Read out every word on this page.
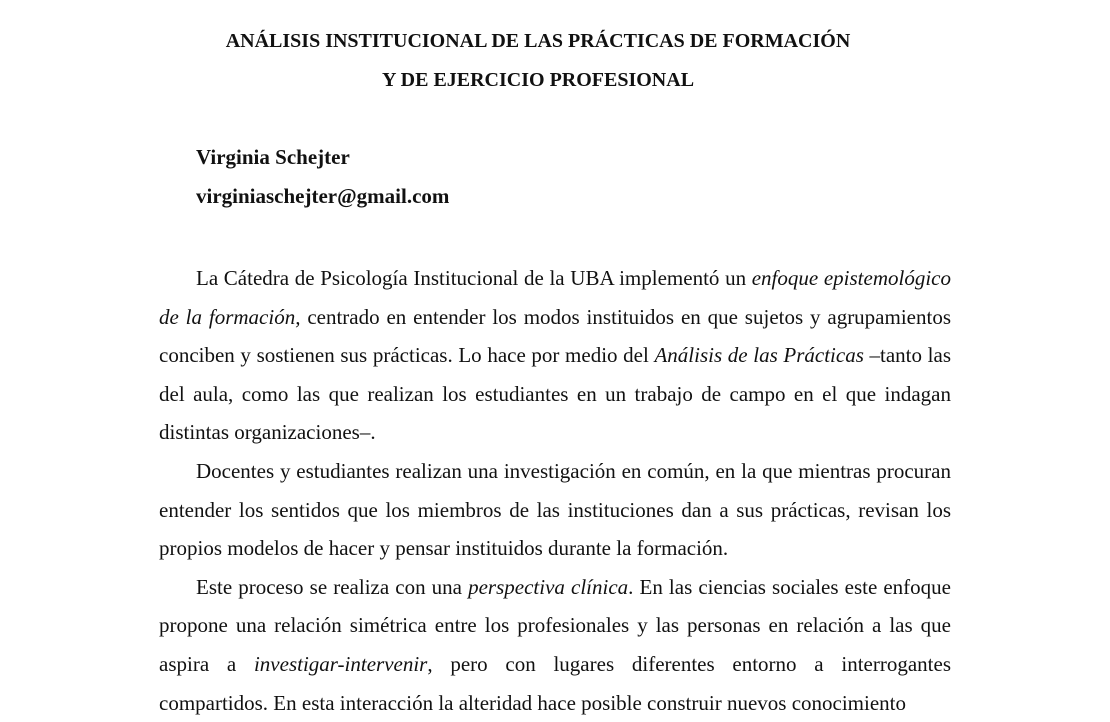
ANÁLISIS INSTITUCIONAL DE LAS PRÁCTICAS DE FORMACIÓN
Y DE EJERCICIO PROFESIONAL
Virginia Schejter
virginiaschejter@gmail.com

La Cátedra de Psicología Institucional de la UBA implementó un enfoque epistemológico de la formación, centrado en entender los modos instituidos en que sujetos y agrupamientos conciben y sostienen sus prácticas. Lo hace por medio del Análisis de las Prácticas –tanto las del aula, como las que realizan los estudiantes en un trabajo de campo en el que indagan distintas organizaciones–.

Docentes y estudiantes realizan una investigación en común, en la que mientras procuran entender los sentidos que los miembros de las instituciones dan a sus prácticas, revisan los propios modelos de hacer y pensar instituidos durante la formación.

Este proceso se realiza con una perspectiva clínica. En las ciencias sociales este enfoque propone una relación simétrica entre los profesionales y las personas en relación a las que aspira a investigar-intervenir, pero con lugares diferentes entorno a interrogantes compartidos. En esta interacción la alteridad hace posible construir nuevos conocimiento
